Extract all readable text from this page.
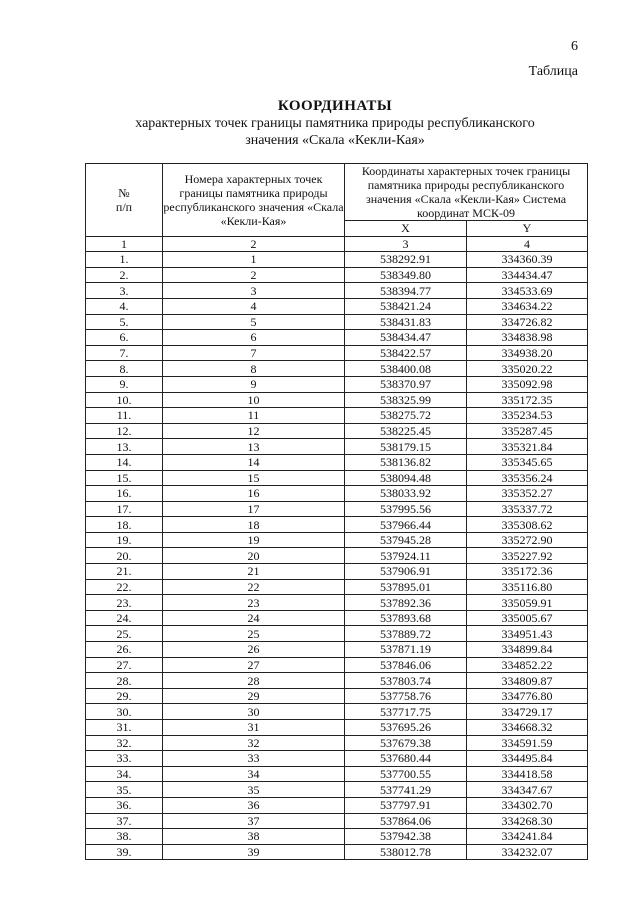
6
Таблица
КООРДИНАТЫ
характерных точек границы памятника природы республиканского
значения «Скала «Кекли-Кая»
№
п/п	Номера характерных точек границы памятника природы республиканского значения «Скала «Кекли-Кая»	Координаты характерных точек границы памятника природы республиканского значения «Скала «Кекли-Кая» Система координат МСК-09	
		X	Y
1	2	3	4
1.	1	538292.91	334360.39
2.	2	538349.80	334434.47
3.	3	538394.77	334533.69
4.	4	538421.24	334634.22
5.	5	538431.83	334726.82
6.	6	538434.47	334838.98
7.	7	538422.57	334938.20
8.	8	538400.08	335020.22
9.	9	538370.97	335092.98
10.	10	538325.99	335172.35
11.	11	538275.72	335234.53
12.	12	538225.45	335287.45
13.	13	538179.15	335321.84
14.	14	538136.82	335345.65
15.	15	538094.48	335356.24
16.	16	538033.92	335352.27
17.	17	537995.56	335337.72
18.	18	537966.44	335308.62
19.	19	537945.28	335272.90
20.	20	537924.11	335227.92
21.	21	537906.91	335172.36
22.	22	537895.01	335116.80
23.	23	537892.36	335059.91
24.	24	537893.68	335005.67
25.	25	537889.72	334951.43
26.	26	537871.19	334899.84
27.	27	537846.06	334852.22
28.	28	537803.74	334809.87
29.	29	537758.76	334776.80
30.	30	537717.75	334729.17
31.	31	537695.26	334668.32
32.	32	537679.38	334591.59
33.	33	537680.44	334495.84
34.	34	537700.55	334418.58
35.	35	537741.29	334347.67
36.	36	537797.91	334302.70
37.	37	537864.06	334268.30
38.	38	537942.38	334241.84
39.	39	538012.78	334232.07
